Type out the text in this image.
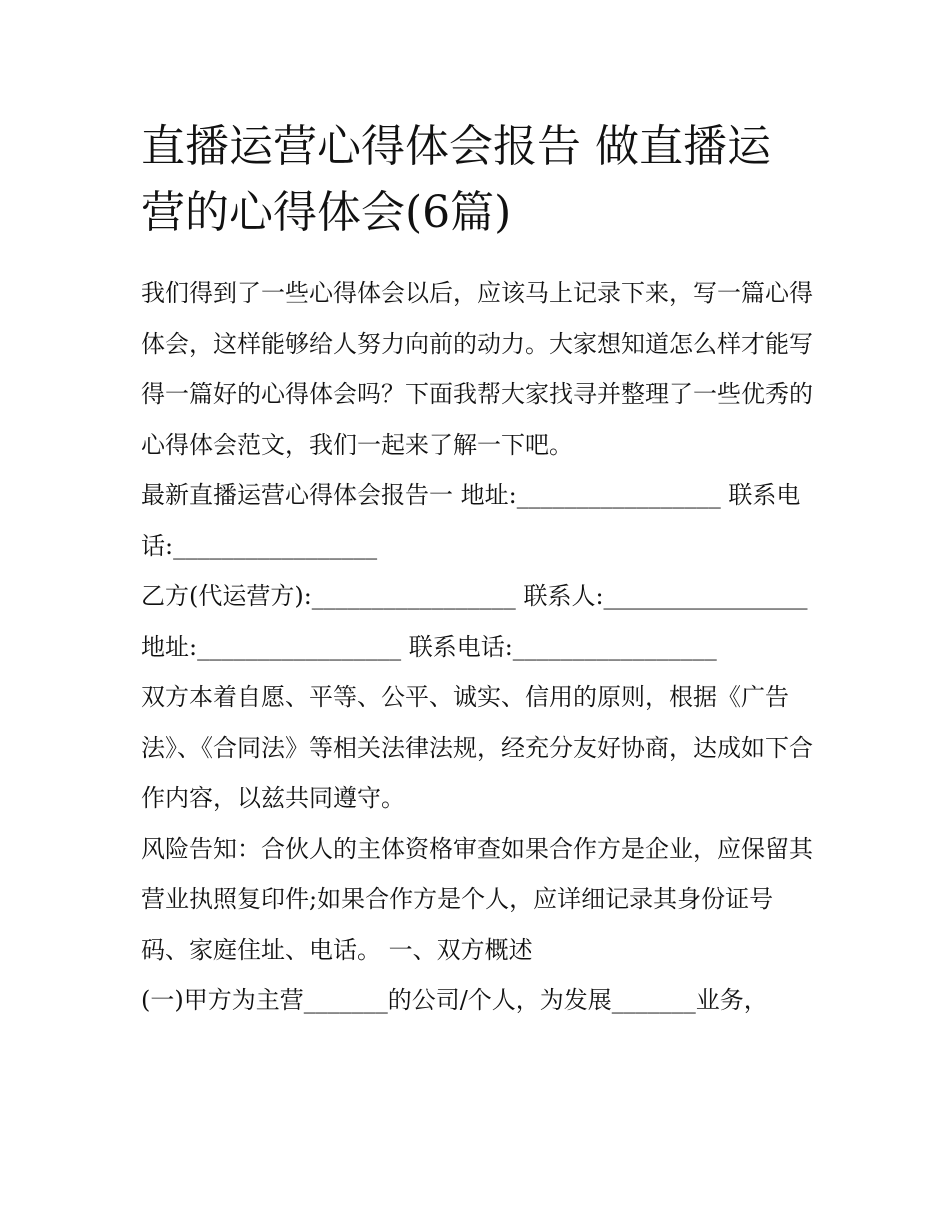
直播运营心得体会报告 做直播运营的心得体会(6篇)

我们得到了一些心得体会以后，应该马上记录下来，写一篇心得体会，这样能够给人努力向前的动力。大家想知道怎么样才能写得一篇好的心得体会吗？下面我帮大家找寻并整理了一些优秀的心得体会范文，我们一起来了解一下吧。

最新直播运营心得体会报告一 地址:_________________ 联系电话:_________________

乙方(代运营方):_________________ 联系人:_________________

地址:_________________ 联系电话:_________________

双方本着自愿、平等、公平、诚实、信用的原则，根据《广告法》、《合同法》等相关法律法规，经充分友好协商，达成如下合作内容，以兹共同遵守。

风险告知：合伙人的主体资格审查如果合作方是企业，应保留其营业执照复印件;如果合作方是个人，应详细记录其身份证号码、家庭住址、电话。 一、双方概述

(一)甲方为主营_______的公司/个人，为发展_______业务，
